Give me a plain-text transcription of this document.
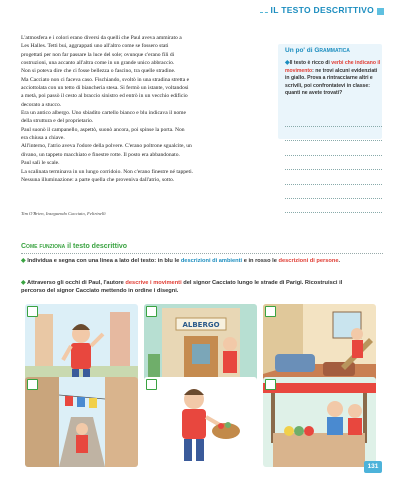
IL TESTO DESCRITTIVO

L'atmosfera e i colori erano diversi da quelli che Paul aveva ammirato a

Les Halles. Tetti bui, aggrappati uno all'altro come se fossero stati

progettati per non far passare la luce del sole; ovunque c'erano fili di

costruzioni, una accanto all'altra come in un grande unico abbraccio.

Non si poteva dire che ci fosse bellezza o fascino, tra quelle stradine.

Ma Cacciato non ci faceva caso. Fischiando, svoltò in una stradina stretta e

acciottolata con un tetto di biancheria stesa. Si fermò un istante, voltandosi

a metà, poi passò il cesto al braccio sinistro ed entrò in un vecchio edificio

decorato a stucco.

Era un antico albergo. Uno sbiadito cartello bianco e blu indicava il nome

della struttura e del proprietario.

Paul suonò il campanello, aspettò, suonò ancora, poi spinse la porta. Non

era chiusa a chiave.

All'interno, l'atrio aveva l'odore della polvere. C'erano poltrone sgualcite, un

divano, un tappeto macchiato e finestre rotte. Il posto era abbandonato.

Paul salì le scale.

La scalinata terminava in un lungo corridoio. Non c'erano finestre né tappeti.

Nessuna illuminazione: a parte quella che proveniva dall'atrio, sotto.

Tim O'Brien, Inseguendo Cacciato, Feltrinelli
Un po' di Grammatica
◆Il testo è ricco di verbi che indicano il movimento: ne trovi alcuni evidenziati in giallo. Prova a rintracciarne altri e scrivili, poi confrontatevi in classe: quanti ne avete trovati?
Come funziona il testo descrittivo
◆ Individua e segna con una linea a lato del testo: in blu le descrizioni di ambienti e in rosso le descrizioni di persone.
◆ Attraverso gli occhi di Paul, l'autore descrive i movimenti del signor Cacciato lungo le strade di Parigi. Ricostruisci il percorso del signor Cacciato mettendo in ordine i disegni.
ALBERGO
131
